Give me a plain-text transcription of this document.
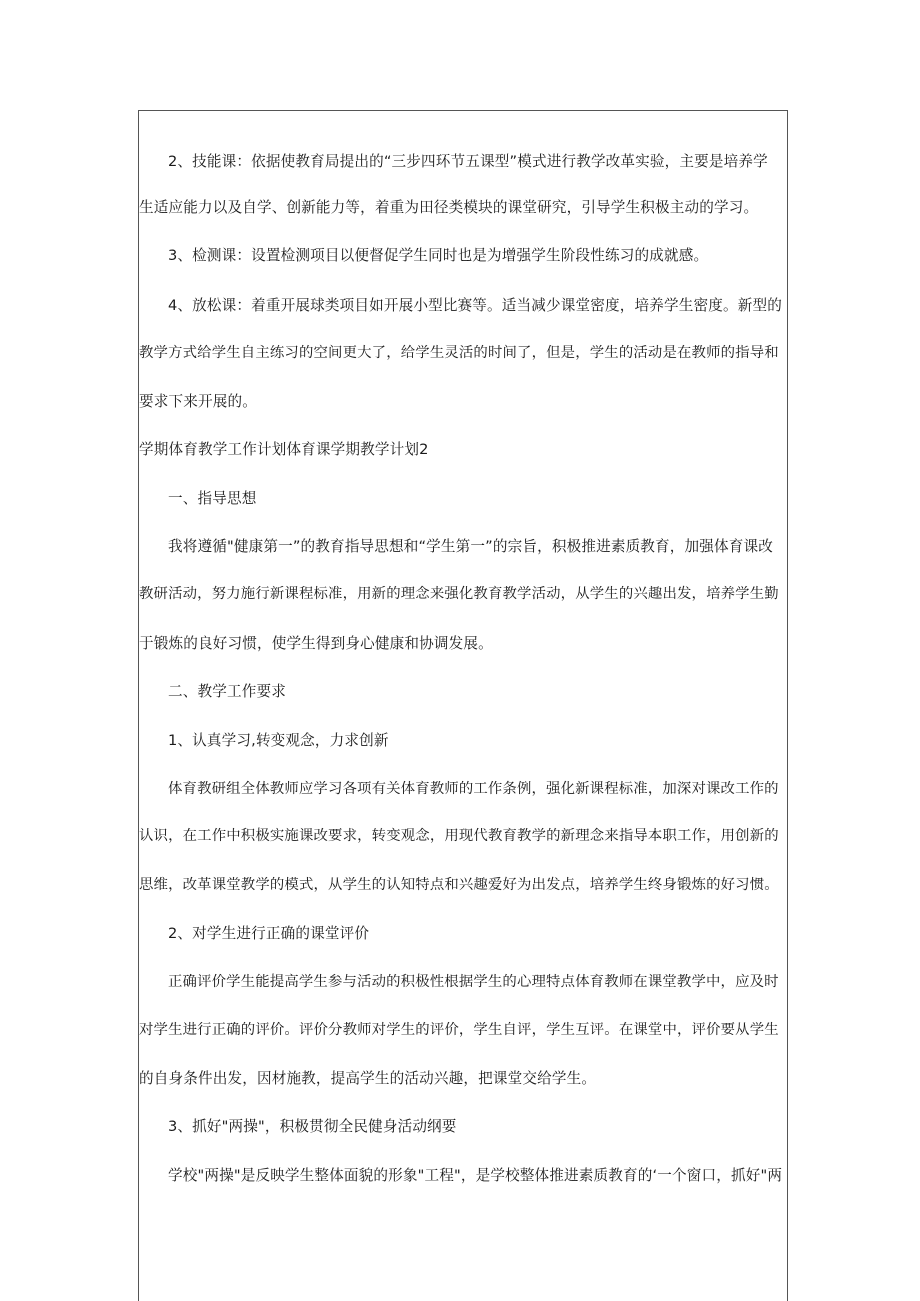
2、技能课：依据使教育局提出的“三步四环节五课型”模式进行教学改革实验，主要是培养学

生适应能力以及自学、创新能力等，着重为田径类模块的课堂研究，引导学生积极主动的学习。

3、检测课：设置检测项目以便督促学生同时也是为增强学生阶段性练习的成就感。

4、放松课：着重开展球类项目如开展小型比赛等。适当减少课堂密度，培养学生密度。新型的

教学方式给学生自主练习的空间更大了，给学生灵活的时间了，但是，学生的活动是在教师的指导和

要求下来开展的。

学期体育教学工作计划体育课学期教学计划2

一、指导思想

我将遵循"健康第一”的教育指导思想和“学生第一”的宗旨，积极推进素质教育，加强体育课改

教研活动，努力施行新课程标准，用新的理念来强化教育教学活动，从学生的兴趣出发，培养学生勤

于锻炼的良好习惯，使学生得到身心健康和协调发展。

二、教学工作要求

1、认真学习,转变观念，力求创新

体育教研组全体教师应学习各项有关体育教师的工作条例，强化新课程标准，加深对课改工作的

认识，在工作中积极实施课改要求，转变观念，用现代教育教学的新理念来指导本职工作，用创新的

思维，改革课堂教学的模式，从学生的认知特点和兴趣爱好为出发点，培养学生终身锻炼的好习惯。

2、对学生进行正确的课堂评价

正确评价学生能提高学生参与活动的积极性根据学生的心理特点体育教师在课堂教学中，应及时

对学生进行正确的评价。评价分教师对学生的评价，学生自评，学生互评。在课堂中，评价要从学生

的自身条件出发，因材施教，提高学生的活动兴趣，把课堂交给学生。

3、抓好"两操"，积极贯彻全民健身活动纲要

学校"两操"是反映学生整体面貌的形象"工程"，是学校整体推进素质教育的‘一个窗口，抓好"两
